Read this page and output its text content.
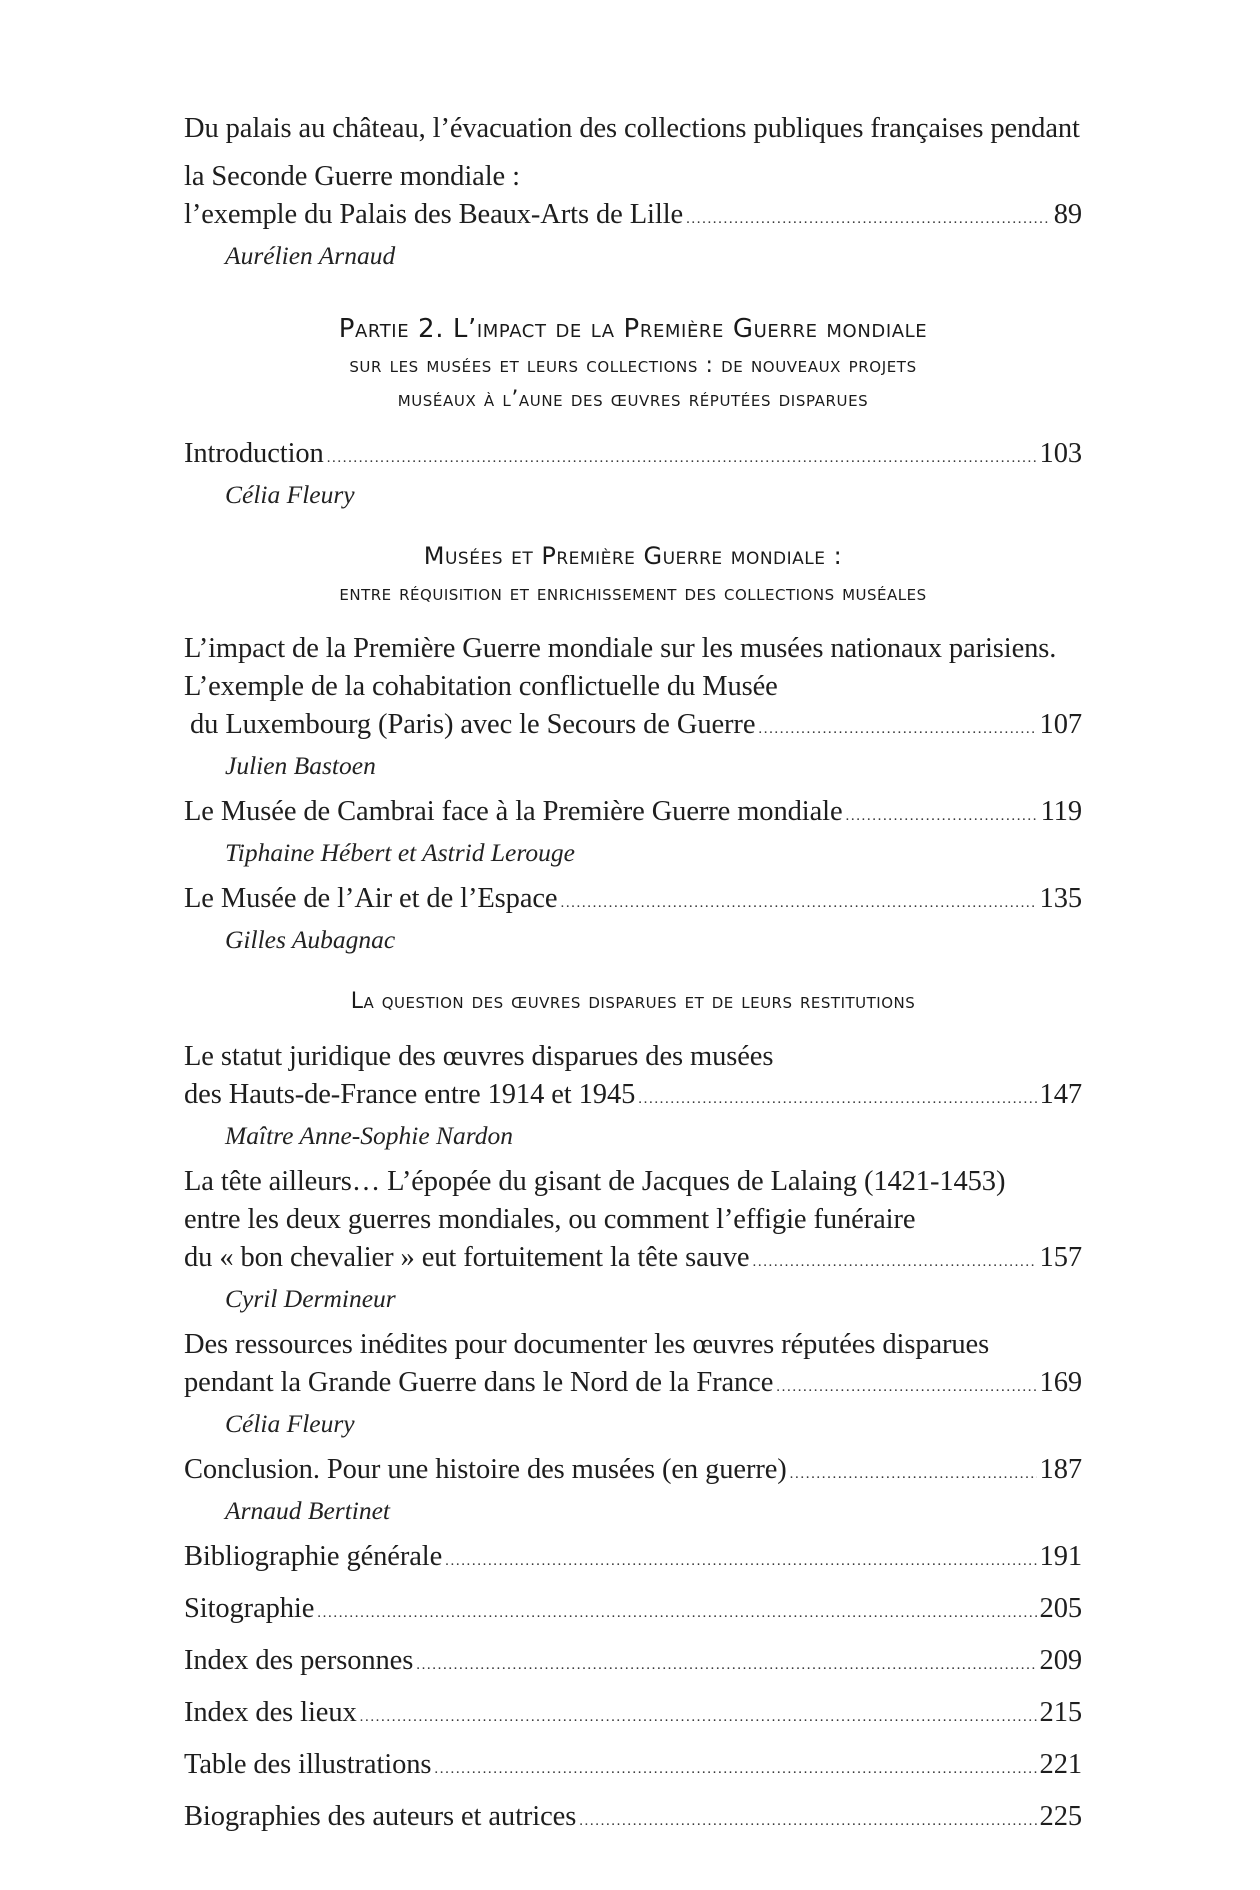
Du palais au château, l’évacuation des collections publiques françaises pendant
la Seconde Guerre mondiale :
l’exemple du Palais des Beaux-Arts de Lille .....	89
Aurélien Arnaud
Partie 2. L’impact de la Première Guerre mondiale
sur les musées et leurs collections : de nouveaux projets
muséaux à l’aune des œuvres réputées disparues
Introduction .....	103
Célia Fleury
Musées et Première Guerre mondiale :
entre réquisition et enrichissement des collections muséales
L’impact de la Première Guerre mondiale sur les musées nationaux parisiens.
L’exemple de la cohabitation conflictuelle du Musée
du Luxembourg (Paris) avec le Secours de Guerre .....	107
Julien Bastoen
Le Musée de Cambrai face à la Première Guerre mondiale .....	119
Tiphaine Hébert et Astrid Lerouge
Le Musée de l’Air et de l’Espace .....	135
Gilles Aubagnac
La question des œuvres disparues et de leurs restitutions
Le statut juridique des œuvres disparues des musées
des Hauts-de-France entre 1914 et 1945 .....	147
Maître Anne-Sophie Nardon
La tête ailleurs… L’épopée du gisant de Jacques de Lalaing (1421-1453)
entre les deux guerres mondiales, ou comment l’effigie funéraire
du « bon chevalier » eut fortuitement la tête sauve .....	157
Cyril Dermineur
Des ressources inédites pour documenter les œuvres réputées disparues
pendant la Grande Guerre dans le Nord de la France .....	169
Célia Fleury
Conclusion. Pour une histoire des musées (en guerre) .....	187
Arnaud Bertinet
Bibliographie générale .....	191
Sitographie .....	205
Index des personnes .....	209
Index des lieux .....	215
Table des illustrations .....	221
Biographies des auteurs et autrices .....	225
